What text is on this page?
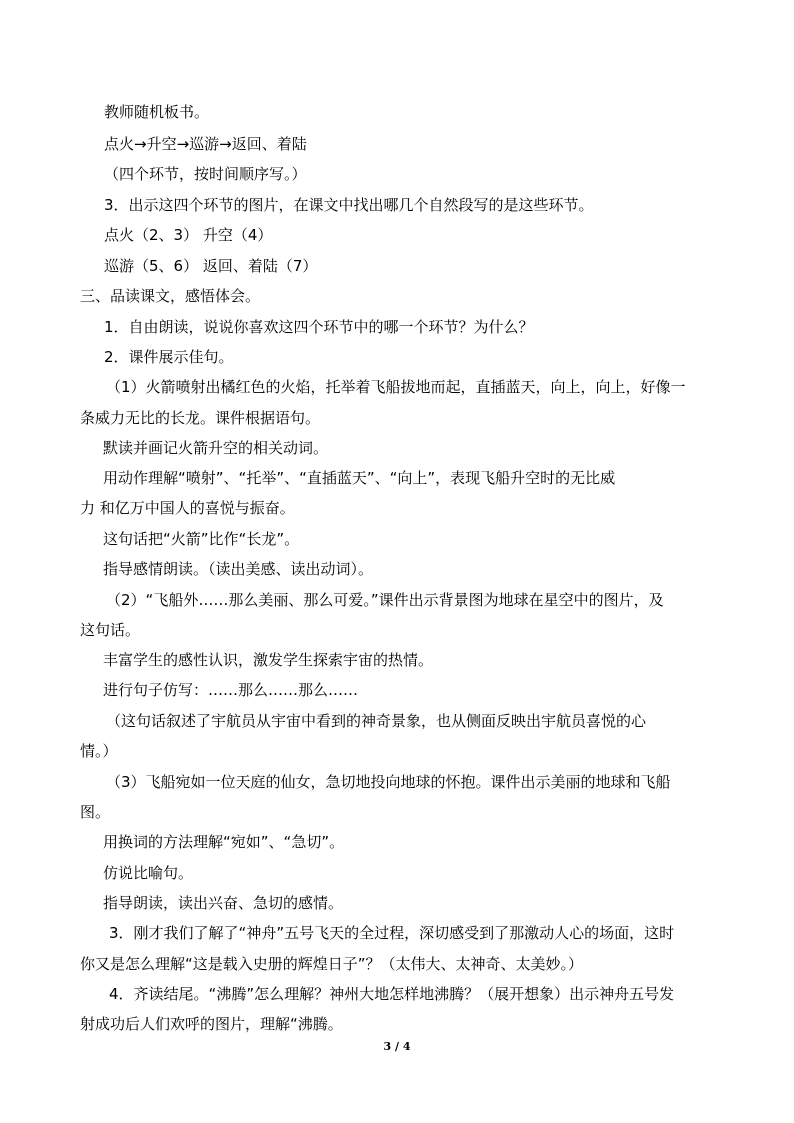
教师随机板书。
点火→升空→巡游→返回、着陆
（四个环节，按时间顺序写。）
3．出示这四个环节的图片，在课文中找出哪几个自然段写的是这些环节。
点火（2、3） 升空（4）
巡游（5、6） 返回、着陆（7）
三、品读课文，感悟体会。
1．自由朗读，说说你喜欢这四个环节中的哪一个环节？为什么？
2．课件展示佳句。
（1）火箭喷射出橘红色的火焰，托举着飞船拔地而起，直插蓝天，向上，向上，好像一
条威力无比的长龙。课件根据语句。
默读并画记火箭升空的相关动词。
用动作理解“喷射”、“托举”、“直插蓝天”、“向上”，表现飞船升空时的无比威
力 和亿万中国人的喜悦与振奋。
这句话把“火箭”比作“长龙”。
指导感情朗读。（读出美感、读出动词）。
（2）“飞船外……那么美丽、那么可爱。”课件出示背景图为地球在星空中的图片，及
这句话。
丰富学生的感性认识，激发学生探索宇宙的热情。
进行句子仿写：……那么……那么……
（这句话叙述了宇航员从宇宙中看到的神奇景象，也从侧面反映出宇航员喜悦的心
情。）
（3）飞船宛如一位天庭的仙女，急切地投向地球的怀抱。课件出示美丽的地球和飞船
图。
用换词的方法理解“宛如”、“急切”。
仿说比喻句。
指导朗读，读出兴奋、急切的感情。
3．刚才我们了解了“神舟”五号飞天的全过程，深切感受到了那激动人心的场面，这时
你又是怎么理解“这是载入史册的辉煌日子”？（太伟大、太神奇、太美妙。）
4．齐读结尾。“沸腾”怎么理解？神州大地怎样地沸腾？（展开想象）出示神舟五号发
射成功后人们欢呼的图片，理解“沸腾。
3 / 4
